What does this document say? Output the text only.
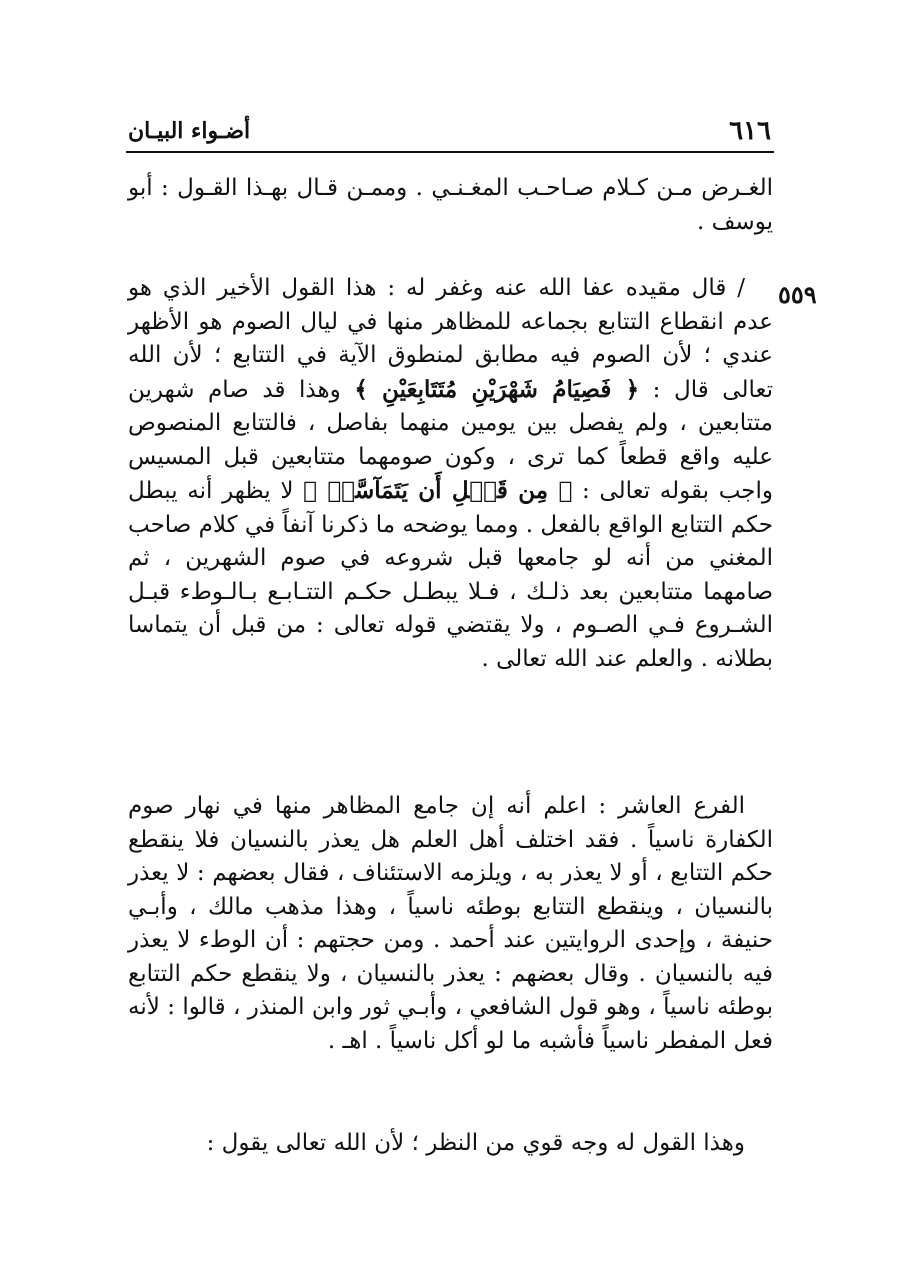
٦١٦
أضـواء البيـان
٥٥٩

الغـرض مـن كـلام صـاحـب المغـنـي . وممـن قـال بهـذا القـول : أبو يوسف .

/ قال مقيده عفا الله عنه وغفر له : هذا القول الأخير الذي هو عدم انقطاع التتابع بجماعه للمظاهر منها في ليال الصوم هو الأظهر عندي ؛ لأن الصوم فيه مطابق لمنطوق الآية في التتابع ؛ لأن الله تعالى قال : ﴿ فَصِيَامُ شَهْرَيْنِ مُتَتَابِعَيْنِ ﴾ وهذا قد صام شهرين متتابعين ، ولم يفصل بين يومين منهما بفاصل ، فالتتابع المنصوص عليه واقع قطعاً كما ترى ، وكون صومهما متتابعين قبل المسيس واجب بقوله تعالى : ﴿ مِن قَبۡلِ أَن يَتَمَآسَّاۚ ﴾ لا يظهر أنه يبطل حكم التتابع الواقع بالفعل . ومما يوضحه ما ذكرنا آنفاً في كلام صاحب المغني من أنه لو جامعها قبل شروعه في صوم الشهرين ، ثم صامهما متتابعين بعد ذلـك ، فـلا يبطـل حكـم التتـابـع بـالـوطء قبـل الشـروع فـي الصـوم ، ولا يقتضي قوله تعالى : من قبل أن يتماسا بطلانه . والعلم عند الله تعالى .

الفرع العاشر : اعلم أنه إن جامع المظاهر منها في نهار صوم الكفارة ناسياً . فقد اختلف أهل العلم هل يعذر بالنسيان فلا ينقطع حكم التتابع ، أو لا يعذر به ، ويلزمه الاستئناف ، فقال بعضهم : لا يعذر بالنسيان ، وينقطع التتابع بوطئه ناسياً ، وهذا مذهب مالك ، وأبـي حنيفة ، وإحدى الروايتين عند أحمد . ومن حجتهم : أن الوطء لا يعذر فيه بالنسيان . وقال بعضهم : يعذر بالنسيان ، ولا ينقطع حكم التتابع بوطئه ناسياً ، وهو قول الشافعي ، وأبـي ثور وابن المنذر ، قالوا : لأنه فعل المفطر ناسياً فأشبه ما لو أكل ناسياً . اهـ .

وهذا القول له وجه قوي من النظر ؛ لأن الله تعالى يقول :
